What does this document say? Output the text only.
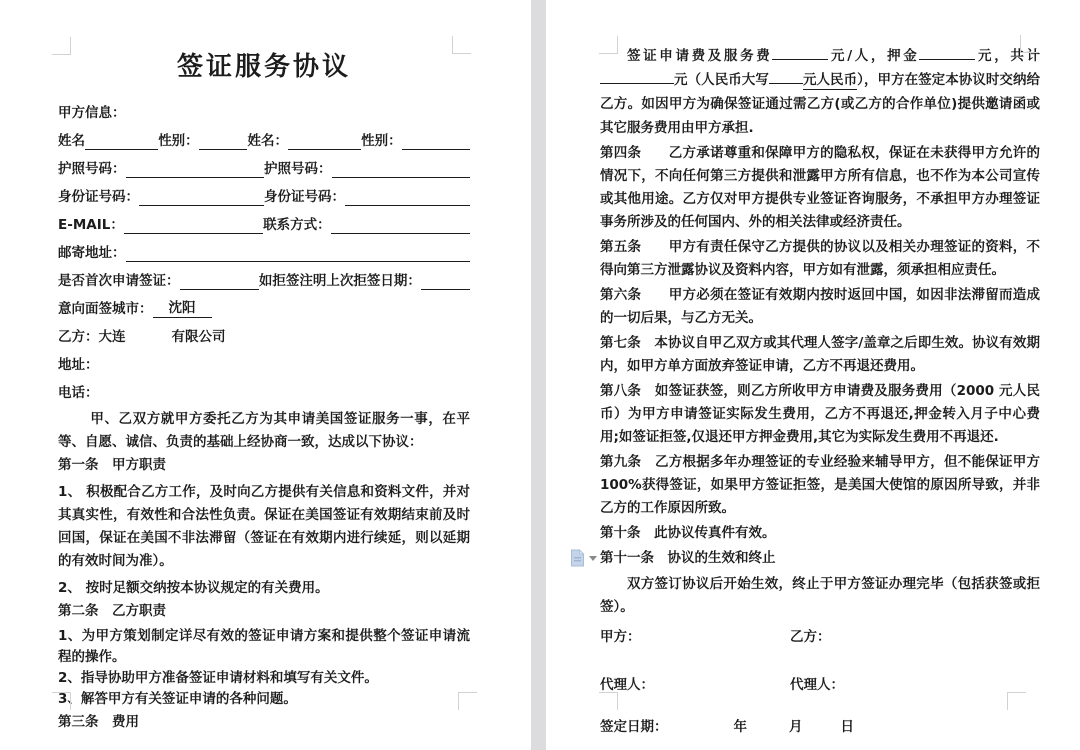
签证服务协议
甲方信息：
姓名	性别：	姓名：	性别：
护照号码：	护照号码：
身份证号码：	身份证号码：
E-MAIL：	联系方式：
邮寄地址：
是否首次申请签证：	如拒签注明上次拒签日期：
意向面签城市：	沈阳
乙方：大连	有限公司
地址：
电话：

甲、乙双方就甲方委托乙方为其申请美国签证服务一事，在平等、自愿、诚信、负责的基础上经协商一致，达成以下协议：

第一条　甲方职责

1、 积极配合乙方工作，及时向乙方提供有关信息和资料文件，并对其真实性，有效性和合法性负责。保证在美国签证有效期结束前及时回国，保证在美国不非法滞留（签证在有效期内进行续延，则以延期的有效时间为准）。

2、 按时足额交纳按本协议规定的有关费用。

第二条　乙方职责

1、为甲方策划制定详尽有效的签证申请方案和提供整个签证申请流程的操作。

2、指导协助甲方准备签证申请材料和填写有关文件。

3、解答甲方有关签证申请的各种问题。

第三条　费用

签证申请费及服务费	元/人，押金	元，共计元（人民币大写	元人民币），甲方在签定本协议时交纳给乙方。如因甲方为确保签证通过需乙方(或乙方的合作单位)提供邀请函或其它服务费用由甲方承担.

第四条　　乙方承诺尊重和保障甲方的隐私权，保证在未获得甲方允许的情况下，不向任何第三方提供和泄露甲方所有信息，也不作为本公司宣传或其他用途。乙方仅对甲方提供专业签证咨询服务，不承担甲方办理签证事务所涉及的任何国内、外的相关法律或经济责任。

第五条　　甲方有责任保守乙方提供的协议以及相关办理签证的资料，不得向第三方泄露协议及资料内容，甲方如有泄露，须承担相应责任。

第六条　　甲方必须在签证有效期内按时返回中国，如因非法滞留而造成的一切后果，与乙方无关。

第七条　本协议自甲乙双方或其代理人签字/盖章之后即生效。协议有效期内，如甲方单方面放弃签证申请，乙方不再退还费用。

第八条　如签证获签，则乙方所收甲方申请费及服务费用（2000 元人民币）为甲方申请签证实际发生费用，乙方不再退还,押金转入月子中心费用;如签证拒签,仅退还甲方押金费用,其它为实际发生费用不再退还.

第九条　乙方根据多年办理签证的专业经验来辅导甲方，但不能保证甲方 100%获得签证，如果甲方签证拒签，是美国大使馆的原因所导致，并非乙方的工作原因所致。

第十条　此协议传真件有效。

第十一条　协议的生效和终止

双方签订协议后开始生效，终止于甲方签证办理完毕（包括获签或拒签）。

甲方：	乙方：
代理人：	代理人：
签定日期：	年	月	日
